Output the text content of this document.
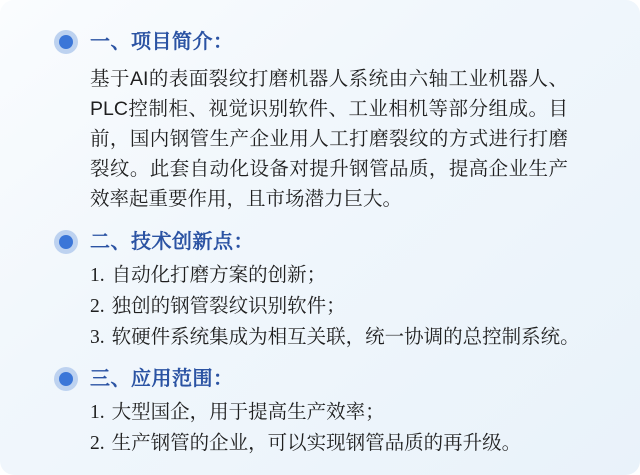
一、项目简介：

基于AI的表面裂纹打磨机器人系统由六轴工业机器人、PLC控制柜、视觉识别软件、工业相机等部分组成。目前，国内钢管生产企业用人工打磨裂纹的方式进行打磨裂纹。此套自动化设备对提升钢管品质，提高企业生产效率起重要作用，且市场潜力巨大。

二、技术创新点：
1. 自动化打磨方案的创新；
2. 独创的钢管裂纹识别软件；
3. 软硬件系统集成为相互关联，统一协调的总控制系统。
三、应用范围：
1. 大型国企，用于提高生产效率；
2. 生产钢管的企业，可以实现钢管品质的再升级。
